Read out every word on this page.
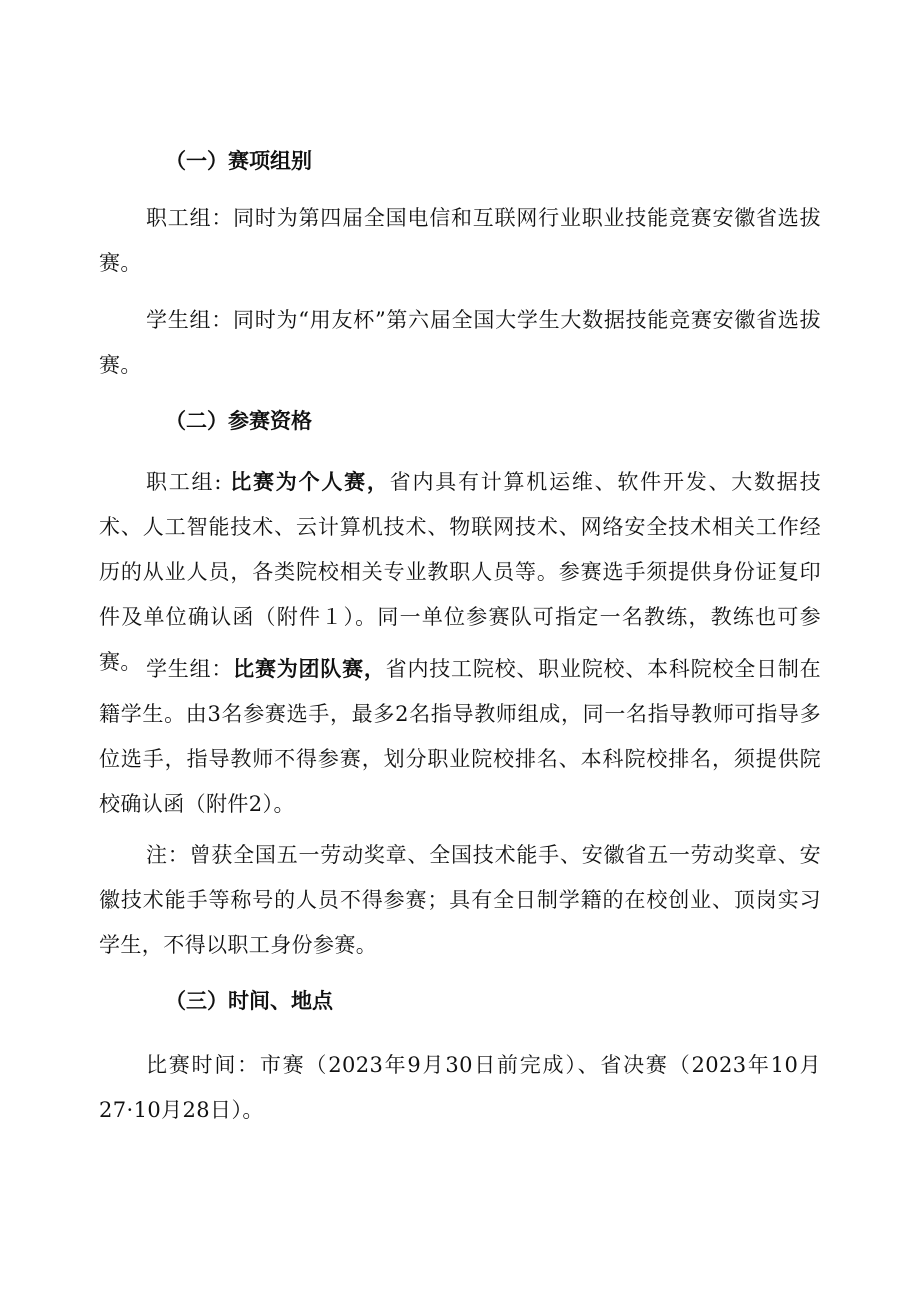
（一）赛项组别

职工组：同时为第四届全国电信和互联网行业职业技能竞赛安徽省选拔赛。

学生组：同时为“用友杯”第六届全国大学生大数据技能竞赛安徽省选拔赛。

（二）参赛资格

职工组: 比赛为个人赛，省内具有计算机运维、软件开发、大数据技术、人工智能技术、云计算机技术、物联网技术、网络安全技术相关工作经历的从业人员，各类院校相关专业教职人员等。参赛选手须提供身份证复印件及单位确认函（附件１）。同一单位参赛队可指定一名教练，教练也可参赛。 学生组：比赛为团队赛，省内技工院校、职业院校、本科院校全日制在籍学生。由3名参赛选手，最多2名指导教师组成，同一名指导教师可指导多位选手，指导教师不得参赛，划分职业院校排名、本科院校排名，须提供院校确认函（附件2）。

注：曾获全国五一劳动奖章、全国技术能手、安徽省五一劳动奖章、安徽技术能手等称号的人员不得参赛；具有全日制学籍的在校创业、顶岗实习学生，不得以职工身份参赛。

（三）时间、地点

比赛时间：市赛（2023年9月30日前完成）、省决赛（2023年10月27·10月28日）。
